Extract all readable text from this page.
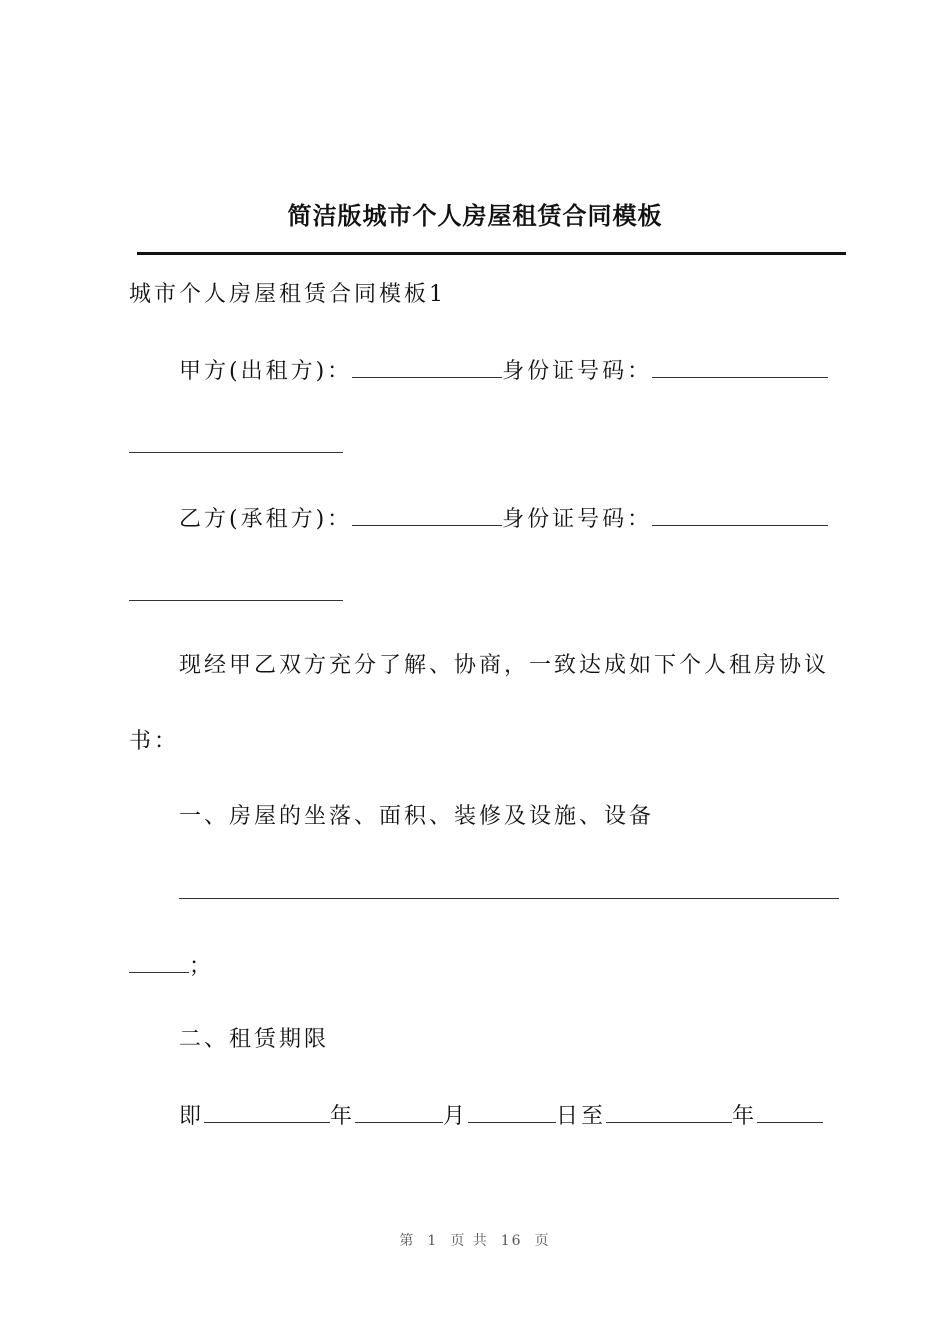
简洁版城市个人房屋租赁合同模板
城市个人房屋租赁合同模板1
甲方(出租方)：	身份证号码：
乙方(承租方)：	身份证号码：
现经甲乙双方充分了解、协商，一致达成如下个人租房协议
书：
一、房屋的坐落、面积、装修及设施、设备
；
二、租赁期限
即	年	月	日至	年
第 1 页 共 16 页
